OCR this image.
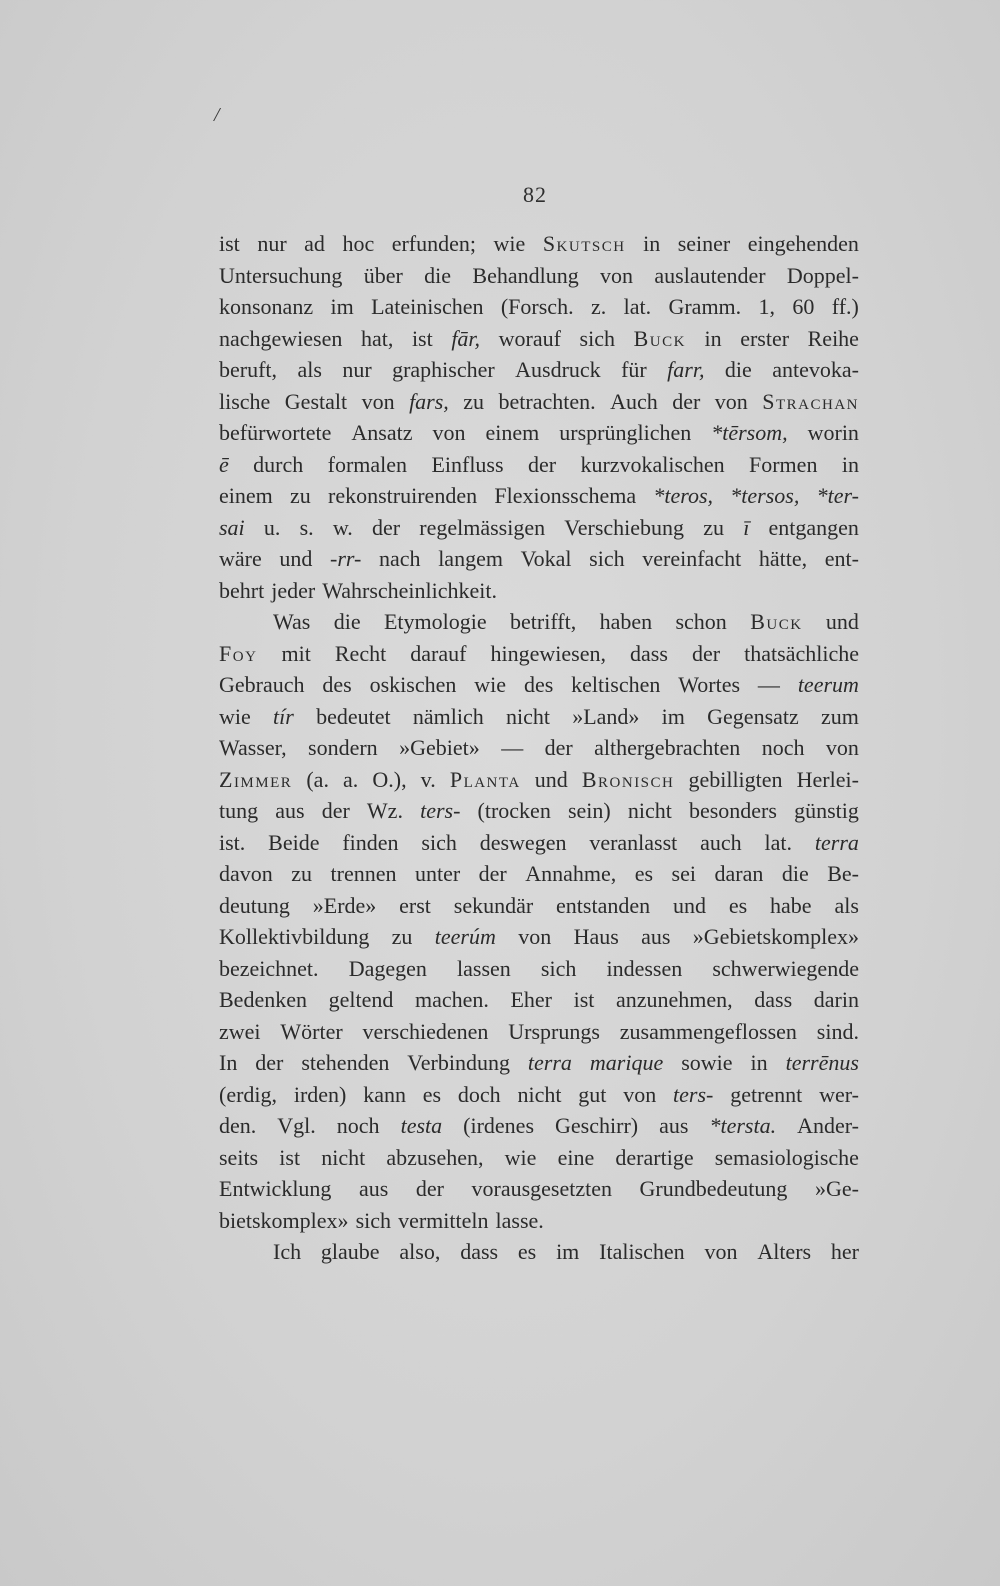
/
82
ist nur ad hoc erfunden; wie Skutsch in seiner eingehenden
Untersuchung über die Behandlung von auslautender Doppel-
konsonanz im Lateinischen (Forsch. z. lat. Gramm. 1, 60 ff.)
nachgewiesen hat, ist fār, worauf sich Buck in erster Reihe
beruft, als nur graphischer Ausdruck für farr, die antevoka-
lische Gestalt von fars, zu betrachten. Auch der von Strachan
befürwortete Ansatz von einem ursprünglichen *tērsom, worin
ē durch formalen Einfluss der kurzvokalischen Formen in
einem zu rekonstruirenden Flexionsschema *teros, *tersos, *ter-
sai u. s. w. der regelmässigen Verschiebung zu ī entgangen
wäre und -rr- nach langem Vokal sich vereinfacht hätte, ent-
behrt jeder Wahrscheinlichkeit.
Was die Etymologie betrifft, haben schon Buck und
Foy mit Recht darauf hingewiesen, dass der thatsächliche
Gebrauch des oskischen wie des keltischen Wortes — teerum
wie tír bedeutet nämlich nicht »Land» im Gegensatz zum
Wasser, sondern »Gebiet» — der althergebrachten noch von
Zimmer (a. a. O.), v. Planta und Bronisch gebilligten Herlei-
tung aus der Wz. ters- (trocken sein) nicht besonders günstig
ist. Beide finden sich deswegen veranlasst auch lat. terra
davon zu trennen unter der Annahme, es sei daran die Be-
deutung »Erde» erst sekundär entstanden und es habe als
Kollektivbildung zu teerúm von Haus aus »Gebietskomplex»
bezeichnet. Dagegen lassen sich indessen schwerwiegende
Bedenken geltend machen. Eher ist anzunehmen, dass darin
zwei Wörter verschiedenen Ursprungs zusammengeflossen sind.
In der stehenden Verbindung terra marique sowie in terrēnus
(erdig, irden) kann es doch nicht gut von ters- getrennt wer-
den. Vgl. noch testa (irdenes Geschirr) aus *tersta. Ander-
seits ist nicht abzusehen, wie eine derartige semasiologische
Entwicklung aus der vorausgesetzten Grundbedeutung »Ge-
bietskomplex» sich vermitteln lasse.
Ich glaube also, dass es im Italischen von Alters her
